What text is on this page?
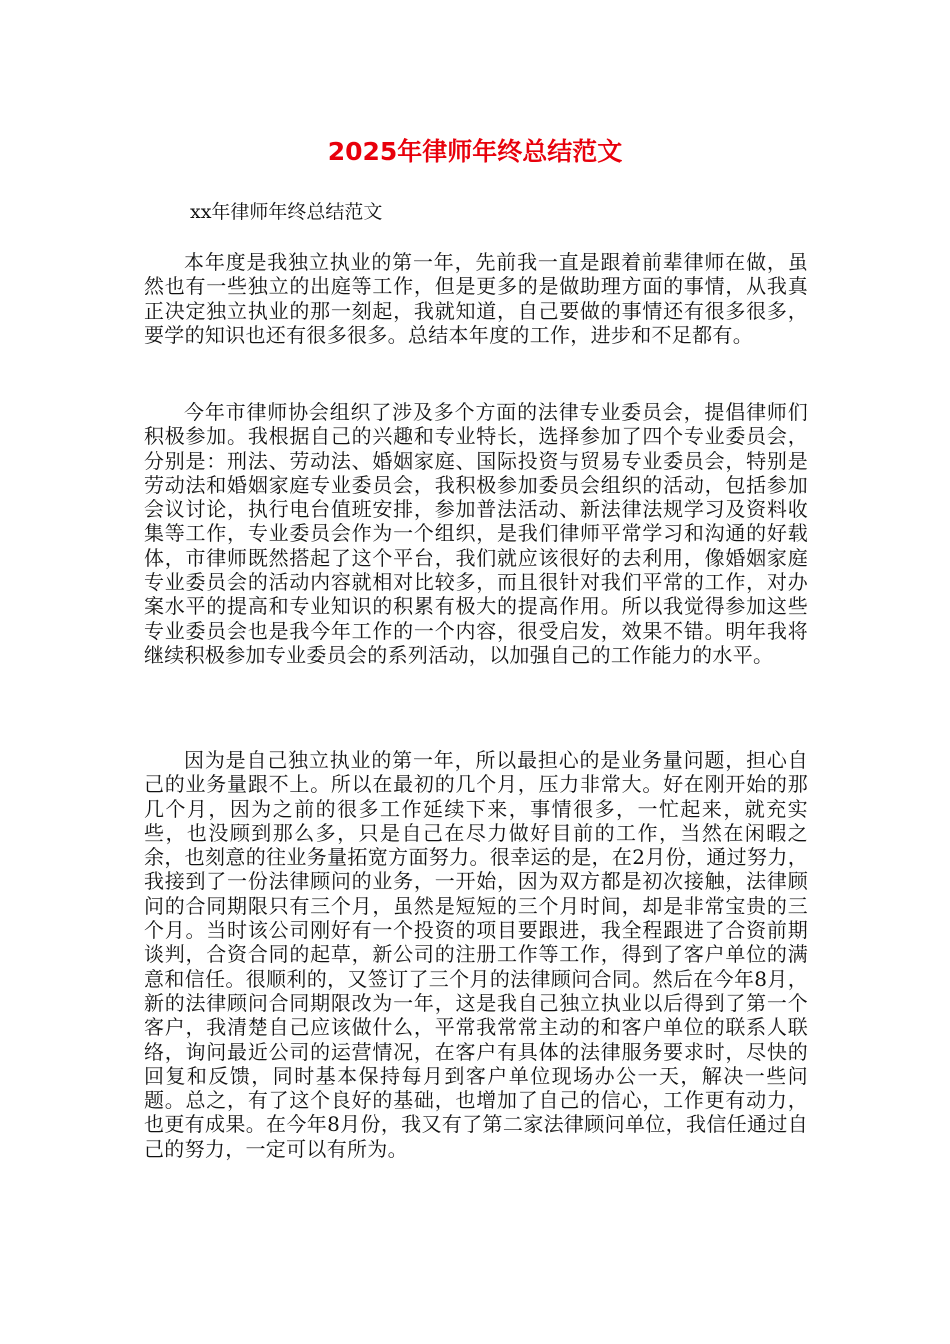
2025年律师年终总结范文
xx年律师年终总结范文

本年度是我独立执业的第一年，先前我一直是跟着前辈律师在做，虽然也有一些独立的出庭等工作，但是更多的是做助理方面的事情，从我真正决定独立执业的那一刻起，我就知道，自己要做的事情还有很多很多，要学的知识也还有很多很多。总结本年度的工作，进步和不足都有。

今年市律师协会组织了涉及多个方面的法律专业委员会，提倡律师们积极参加。我根据自己的兴趣和专业特长，选择参加了四个专业委员会，分别是：刑法、劳动法、婚姻家庭、国际投资与贸易专业委员会，特别是劳动法和婚姻家庭专业委员会，我积极参加委员会组织的活动，包括参加会议讨论，执行电台值班安排，参加普法活动、新法律法规学习及资料收集等工作，专业委员会作为一个组织，是我们律师平常学习和沟通的好载体，市律师既然搭起了这个平台，我们就应该很好的去利用，像婚姻家庭专业委员会的活动内容就相对比较多，而且很针对我们平常的工作，对办案水平的提高和专业知识的积累有极大的提高作用。所以我觉得参加这些专业委员会也是我今年工作的一个内容，很受启发，效果不错。明年我将继续积极参加专业委员会的系列活动，以加强自己的工作能力的水平。

因为是自己独立执业的第一年，所以最担心的是业务量问题，担心自己的业务量跟不上。所以在最初的几个月，压力非常大。好在刚开始的那几个月，因为之前的很多工作延续下来，事情很多，一忙起来，就充实些，也没顾到那么多，只是自己在尽力做好目前的工作，当然在闲暇之余，也刻意的往业务量拓宽方面努力。很幸运的是，在2月份，通过努力，我接到了一份法律顾问的业务，一开始，因为双方都是初次接触，法律顾问的合同期限只有三个月，虽然是短短的三个月时间，却是非常宝贵的三个月。当时该公司刚好有一个投资的项目要跟进，我全程跟进了合资前期谈判，合资合同的起草，新公司的注册工作等工作，得到了客户单位的满意和信任。很顺利的，又签订了三个月的法律顾问合同。然后在今年8月，新的法律顾问合同期限改为一年，这是我自己独立执业以后得到了第一个客户，我清楚自己应该做什么，平常我常常主动的和客户单位的联系人联络，询问最近公司的运营情况，在客户有具体的法律服务要求时，尽快的回复和反馈，同时基本保持每月到客户单位现场办公一天，解决一些问题。总之，有了这个良好的基础，也增加了自己的信心，工作更有动力，也更有成果。在今年8月份，我又有了第二家法律顾问单位，我信任通过自己的努力，一定可以有所为。
